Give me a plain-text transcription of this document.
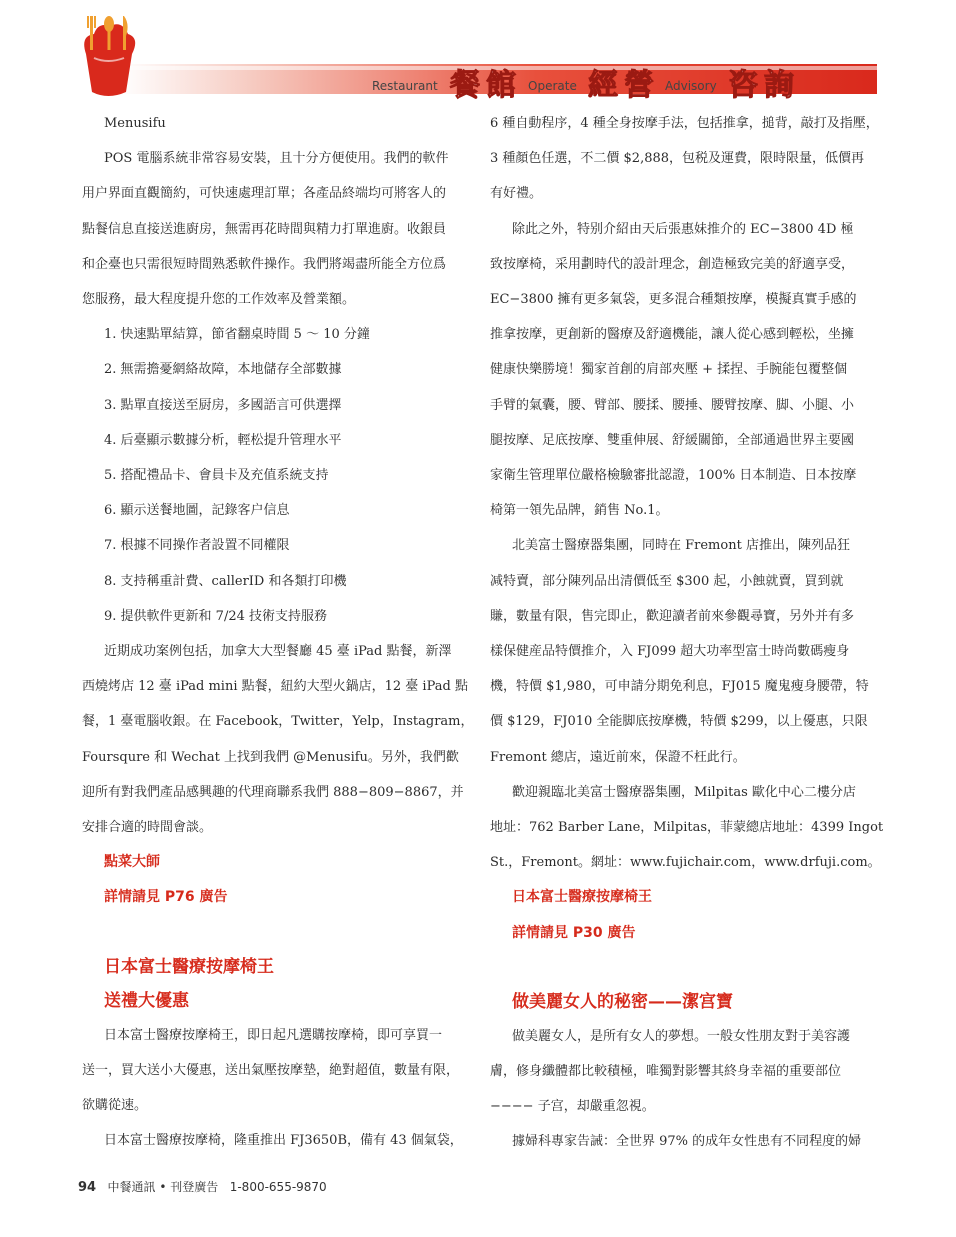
Restaurant 餐館 Operate 經營 Advisory 咨詢

Menusifu

POS 電腦系統非常容易安裝，且十分方便使用。我們的軟件

用户界面直觀簡約，可快速處理訂單；各產品終端均可將客人的

點餐信息直接送進廚房，無需再花時間與精力打單進廚。收銀員

和企臺也只需很短時間熟悉軟件操作。我們將竭盡所能全方位爲

您服務，最大程度提升您的工作效率及營業額。

1. 快速點單結算，節省翻桌時間 5 ～ 10 分鐘

2. 無需擔憂網絡故障，本地儲存全部數據

3. 點單直接送至厨房，多國語言可供選擇

4. 后臺顯示數據分析，輕松提升管理水平

5. 搭配禮品卡、會員卡及充值系統支持

6. 顯示送餐地圖，記錄客户信息

7. 根據不同操作者設置不同權限

8. 支持稱重計費、callerID 和各類打印機

9. 提供軟件更新和 7/24 技術支持服務

近期成功案例包括，加拿大大型餐廳 45 臺 iPad 點餐，新澤

西燒烤店 12 臺 iPad mini 點餐，紐約大型火鍋店，12 臺 iPad 點

餐，1 臺電腦收銀。在 Facebook，Twitter，Yelp，Instagram，

Foursqure 和 Wechat 上找到我們 @Menusifu。另外，我們歡

迎所有對我們產品感興趣的代理商聯系我們 888−809−8867，并

安排合適的時間會談。

點菜大師
詳情請見 P76 廣告
日本富士醫療按摩椅王
送禮大優惠

日本富士醫療按摩椅王，即日起凡選購按摩椅，即可享買一

送一，買大送小大優惠，送出氣壓按摩墊，絶對超值，數量有限，

欲購從速。

日本富士醫療按摩椅，隆重推出 FJ3650B，備有 43 個氣袋，

6 種自動程序，4 種全身按摩手法，包括推拿，搥背，敲打及指壓，

3 種顏色任選，不二價 $2,888，包税及運費，限時限量，低價再

有好禮。

除此之外，特别介紹由天后張惠妹推介的 EC−3800 4D 極

致按摩椅，采用劃時代的設計理念，創造極致完美的舒適享受，

EC−3800 擁有更多氣袋，更多混合種類按摩，模擬真實手感的

推拿按摩，更創新的醫療及舒適機能，讓人從心感到輕松，坐擁

健康快樂勝境！獨家首創的肩部夾壓 + 揉捏、手腕能包覆整個

手臂的氣囊，腰、臂部、腰揉、腰捶、腰臂按摩、脚、小腿、小

腿按摩、足底按摩、雙重伸展、舒緩關節，全部通過世界主要國

家衛生管理單位嚴格檢驗審批認證，100% 日本制造、日本按摩

椅第一領先品牌，銷售 No.1。

北美富士醫療器集團，同時在 Fremont 店推出，陳列品狂

减特賣，部分陳列品出清價低至 $300 起，小蝕就賣，買到就

賺，數量有限，售完即止，歡迎讀者前來參觀尋寶，另外并有多

樣保健産品特價推介，入 FJ099 超大功率型富士時尚數碼瘦身

機，特價 $1,980，可申請分期免利息，FJ015 魔鬼瘦身腰帶，特

價 $129，FJ010 全能脚底按摩機，特價 $299，以上優惠，只限

Fremont 總店，遠近前來，保證不枉此行。

歡迎親臨北美富士醫療器集團，Milpitas 歐化中心二樓分店

地址：762 Barber Lane，Milpitas，菲蒙總店地址：4399 Ingot

St.，Fremont。網址：www.fujichair.com，www.drfuji.com。

日本富士醫療按摩椅王
詳情請見 P30 廣告
做美麗女人的秘密——潔宫寶

做美麗女人，是所有女人的夢想。一般女性朋友對于美容護

膚，修身纖體都比較積極，唯獨對影響其終身幸福的重要部位

−−−− 子宫，却嚴重忽視。

據婦科專家告誡：全世界 97% 的成年女性患有不同程度的婦

94 中餐通訊 • 刊登廣告 1-800-655-9870
